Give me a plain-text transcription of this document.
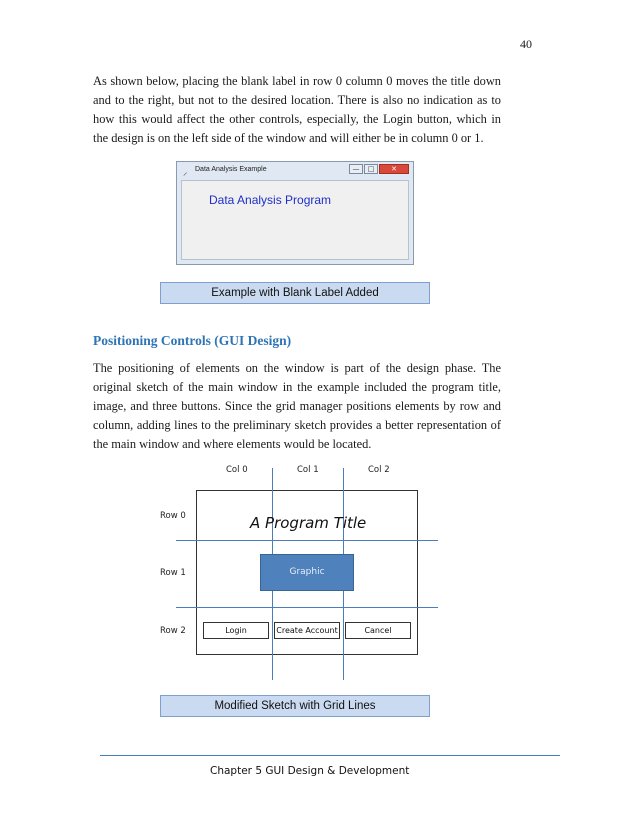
40

As shown below, placing the blank label in row 0 column 0 moves the title down and to the right, but not to the desired location. There is also no indication as to how this would affect the other controls, especially, the Login button, which in the design is on the left side of the window and will either be in column 0 or 1.

⸝ Data Analysis Example	—	□	✕
Data Analysis Program
Example with Blank Label Added
Positioning Controls (GUI Design)

The positioning of elements on the window is part of the design phase. The original sketch of the main window in the example included the program title, image, and three buttons. Since the grid manager positions elements by row and column, adding lines to the preliminary sketch provides a better representation of the main window and where elements would be located.

Col 0	Col 1	Col 2
Row 0
Row 1
Row 2
A Program Title
Graphic
Login	Create Account	Cancel
Modified Sketch with Grid Lines
Chapter 5 GUI Design & Development
